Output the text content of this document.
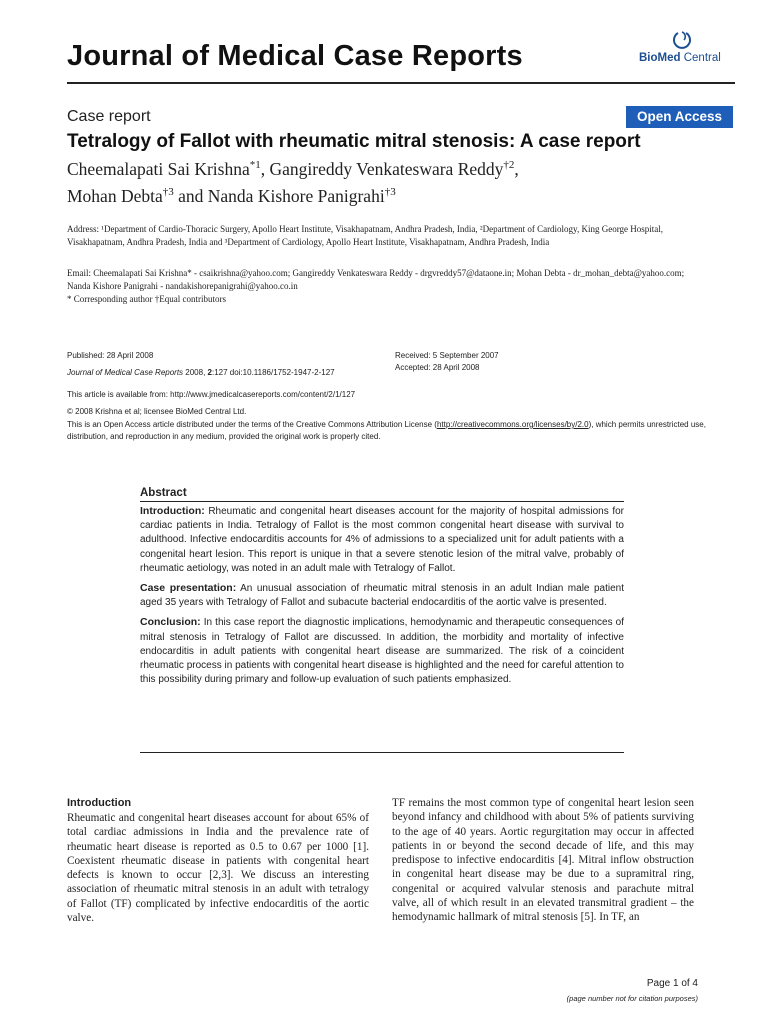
Journal of Medical Case Reports	BioMed Central
Case report	Open Access
Tetralogy of Fallot with rheumatic mitral stenosis: A case report
Cheemalapati Sai Krishna$^{*1}$, Gangireddy Venkateswara Reddy$^{\dagger 2}$,
Mohan Debta$^{\dagger 3}$ and Nanda Kishore Panigrahi$^{\dagger 3}$
Address: ¹Department of Cardio-Thoracic Surgery, Apollo Heart Institute, Visakhapatnam, Andhra Pradesh, India, ²Department of Cardiology, King George Hospital, Visakhapatnam, Andhra Pradesh, India and ³Department of Cardiology, Apollo Heart Institute, Visakhapatnam, Andhra Pradesh, India
Email: Cheemalapati Sai Krishna* - csaikrishna@yahoo.com; Gangireddy Venkateswara Reddy - drgvreddy57@dataone.in; Mohan Debta - dr_mohan_debta@yahoo.com; Nanda Kishore Panigrahi - nandakishorepanigrahi@yahoo.co.in
* Corresponding author †Equal contributors
Published: 28 April 2008
Journal of Medical Case Reports 2008, 2:127 doi:10.1186/1752-1947-2-127
Received: 5 September 2007
Accepted: 28 April 2008
This article is available from: http://www.jmedicalcasereports.com/content/2/1/127
© 2008 Krishna et al; licensee BioMed Central Ltd.
This is an Open Access article distributed under the terms of the Creative Commons Attribution License (http://creativecommons.org/licenses/by/2.0), which permits unrestricted use, distribution, and reproduction in any medium, provided the original work is properly cited.
Abstract

Introduction: Rheumatic and congenital heart diseases account for the majority of hospital admissions for cardiac patients in India. Tetralogy of Fallot is the most common congenital heart disease with survival to adulthood. Infective endocarditis accounts for 4% of admissions to a specialized unit for adult patients with a congenital heart lesion. This report is unique in that a severe stenotic lesion of the mitral valve, probably of rheumatic aetiology, was noted in an adult male with Tetralogy of Fallot.

Case presentation: An unusual association of rheumatic mitral stenosis in an adult Indian male patient aged 35 years with Tetralogy of Fallot and subacute bacterial endocarditis of the aortic valve is presented.

Conclusion: In this case report the diagnostic implications, hemodynamic and therapeutic consequences of mitral stenosis in Tetralogy of Fallot are discussed. In addition, the morbidity and mortality of infective endocarditis in adult patients with congenital heart disease are summarized. The risk of a coincident rheumatic process in patients with congenital heart disease is highlighted and the need for careful attention to this possibility during primary and follow-up evaluation of such patients emphasized.

Introduction
Rheumatic and congenital heart diseases account for about 65% of total cardiac admissions in India and the prevalence rate of rheumatic heart disease is reported as 0.5 to 0.67 per 1000 [1]. Coexistent rheumatic disease in patients with congenital heart defects is known to occur [2,3]. We discuss an interesting association of rheumatic mitral stenosis in an adult with tetralogy of Fallot (TF) complicated by infective endocarditis of the aortic valve.
TF remains the most common type of congenital heart lesion seen beyond infancy and childhood with about 5% of patients surviving to the age of 40 years. Aortic regurgitation may occur in affected patients in or beyond the second decade of life, and this may predispose to infective endocarditis [4]. Mitral inflow obstruction in congenital heart disease may be due to a supramitral ring, congenital or acquired valvular stenosis and parachute mitral valve, all of which result in an elevated transmitral gradient – the hemodynamic hallmark of mitral stenosis [5]. In TF, an
Page 1 of 4
(page number not for citation purposes)
